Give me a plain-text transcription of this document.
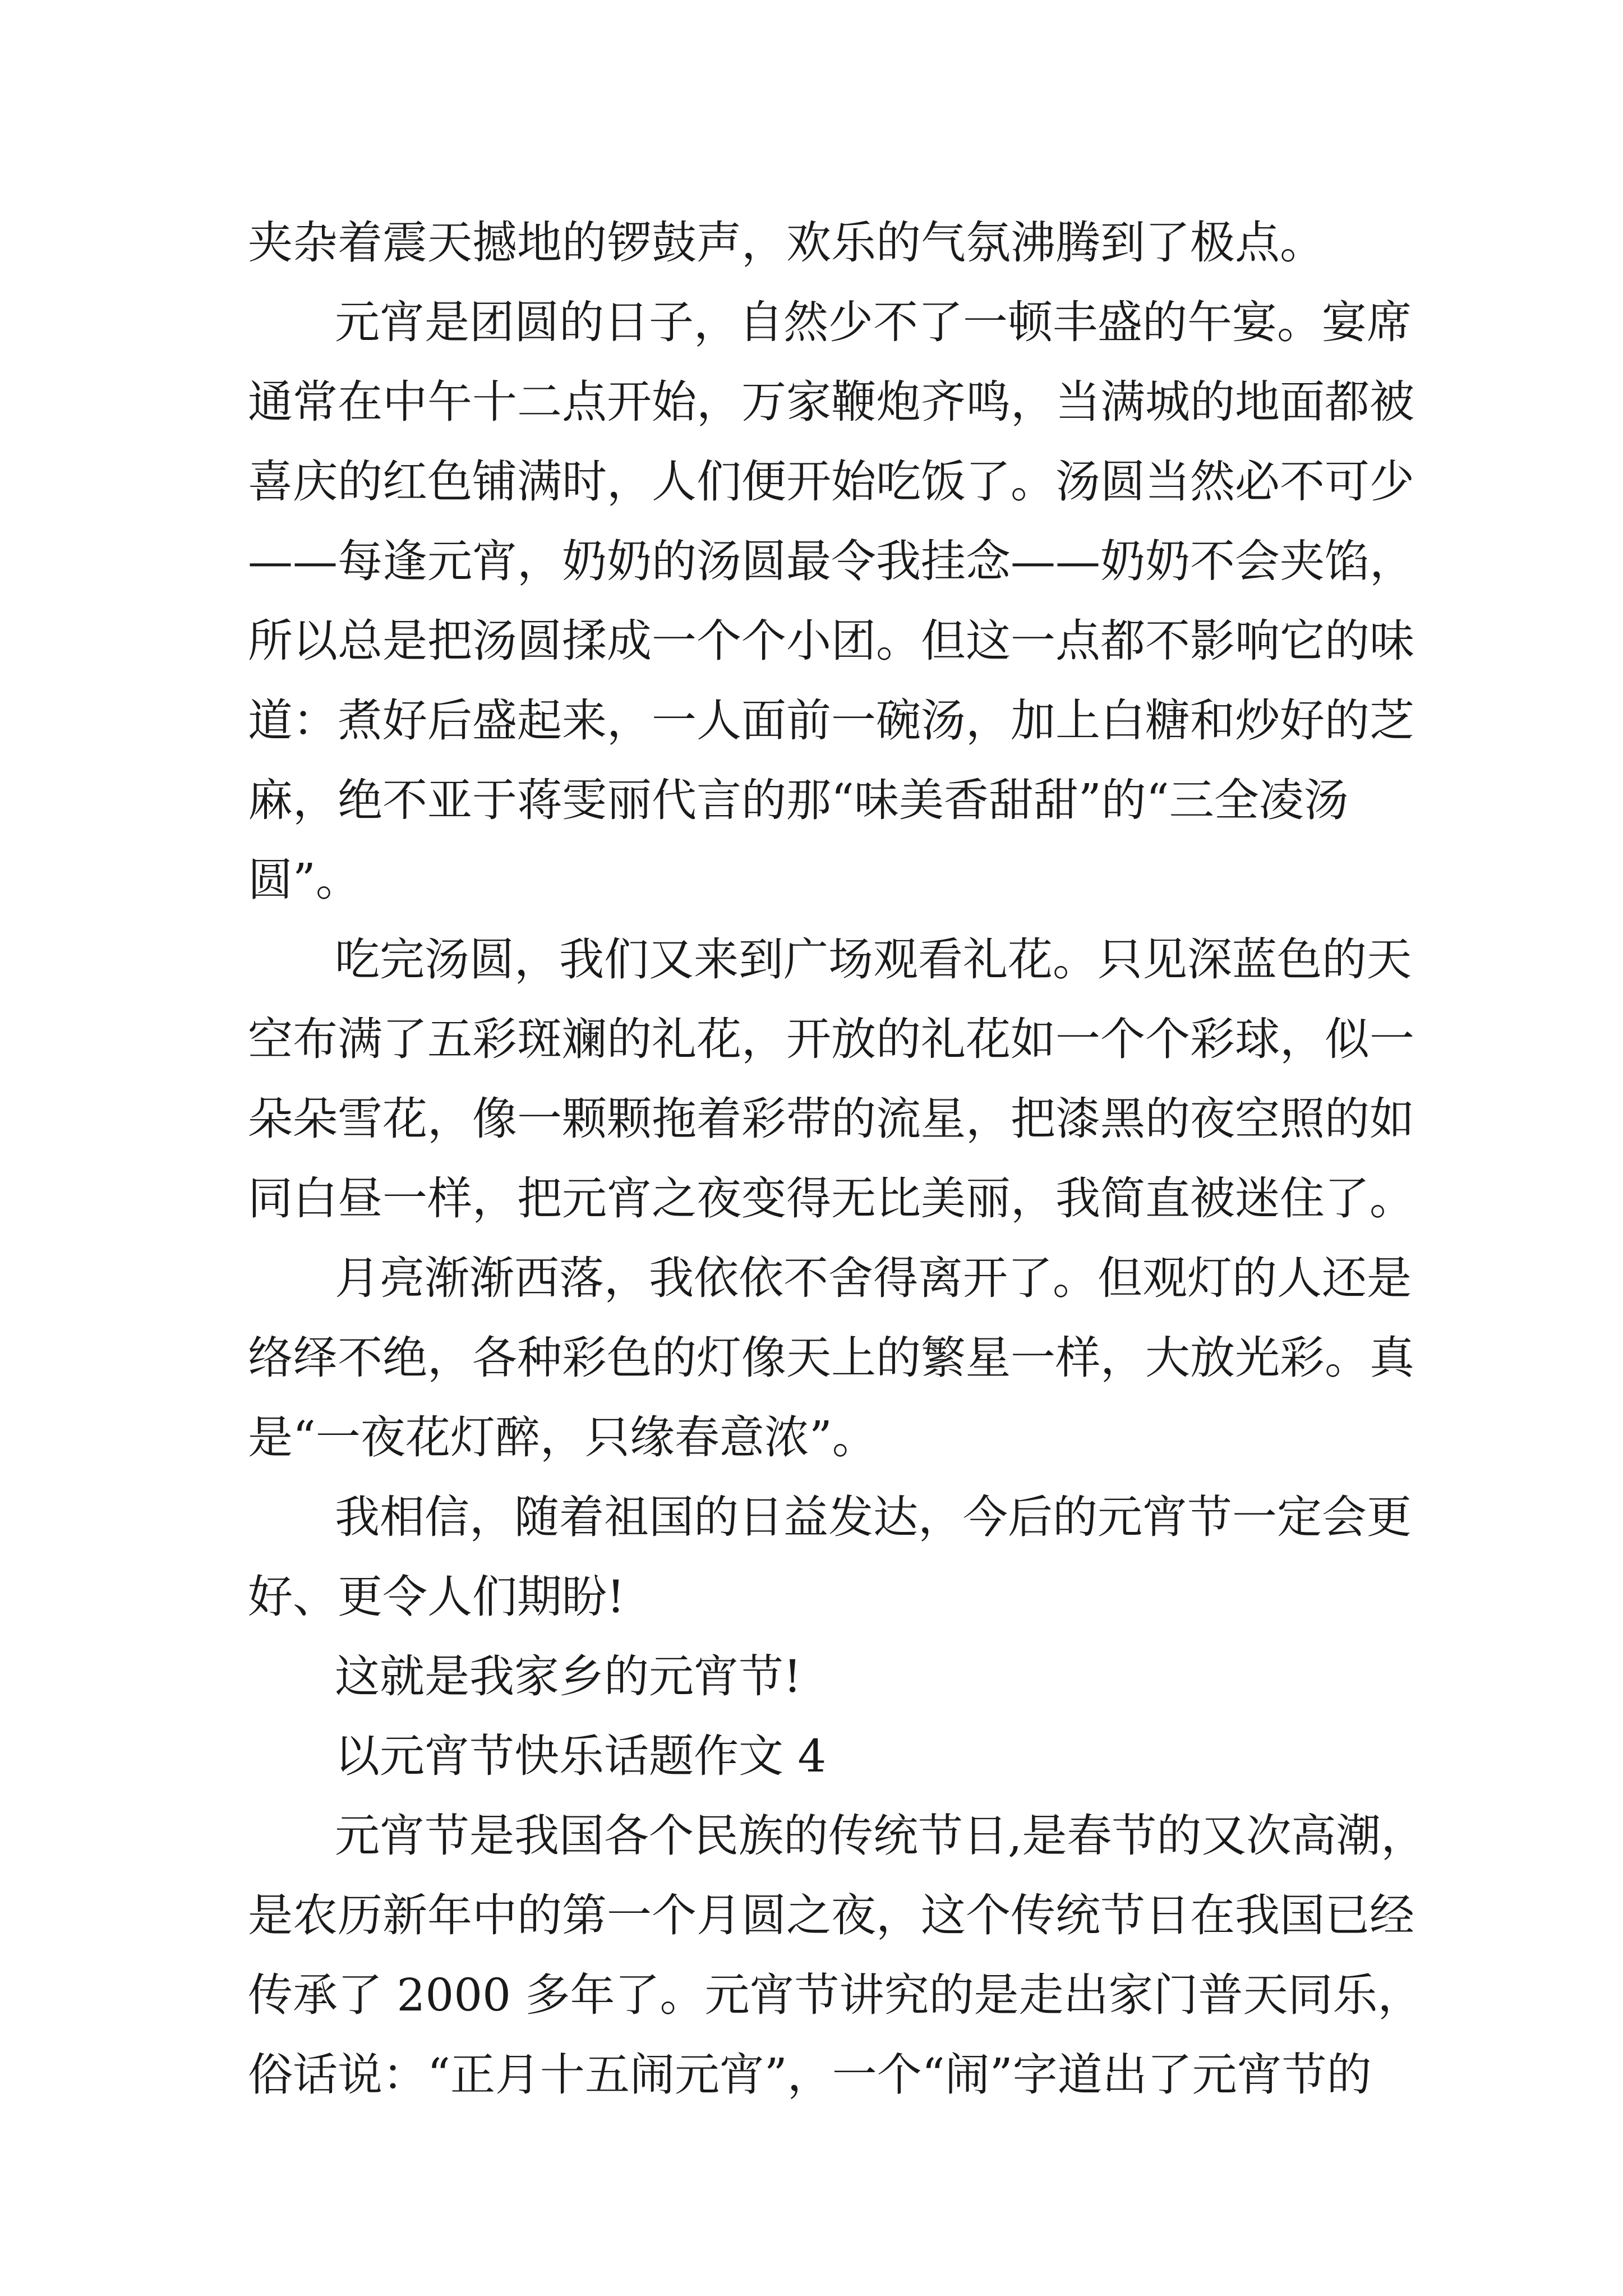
夹杂着震天撼地的锣鼓声，欢乐的气氛沸腾到了极点。
元宵是团圆的日子，自然少不了一顿丰盛的午宴。宴席
通常在中午十二点开始，万家鞭炮齐鸣，当满城的地面都被
喜庆的红色铺满时，人们便开始吃饭了。汤圆当然必不可少
——每逢元宵，奶奶的汤圆最令我挂念——奶奶不会夹馅，
所以总是把汤圆揉成一个个小团。但这一点都不影响它的味
道：煮好后盛起来，一人面前一碗汤，加上白糖和炒好的芝
麻，绝不亚于蒋雯丽代言的那“味美香甜甜”的“三全凌汤
圆”。
吃完汤圆，我们又来到广场观看礼花。只见深蓝色的天
空布满了五彩斑斓的礼花，开放的礼花如一个个彩球，似一
朵朵雪花，像一颗颗拖着彩带的流星，把漆黑的夜空照的如
同白昼一样，把元宵之夜变得无比美丽，我简直被迷住了。
月亮渐渐西落，我依依不舍得离开了。但观灯的人还是
络绎不绝，各种彩色的灯像天上的繁星一样，大放光彩。真
是“一夜花灯醉，只缘春意浓”。
我相信，随着祖国的日益发达，今后的元宵节一定会更
好、更令人们期盼!
这就是我家乡的元宵节!
以元宵节快乐话题作文 4
元宵节是我国各个民族的传统节日,是春节的又次高潮，
是农历新年中的第一个月圆之夜，这个传统节日在我国已经
传承了 2000 多年了。元宵节讲究的是走出家门普天同乐，
俗话说：“正月十五闹元宵”，一个“闹”字道出了元宵节的
